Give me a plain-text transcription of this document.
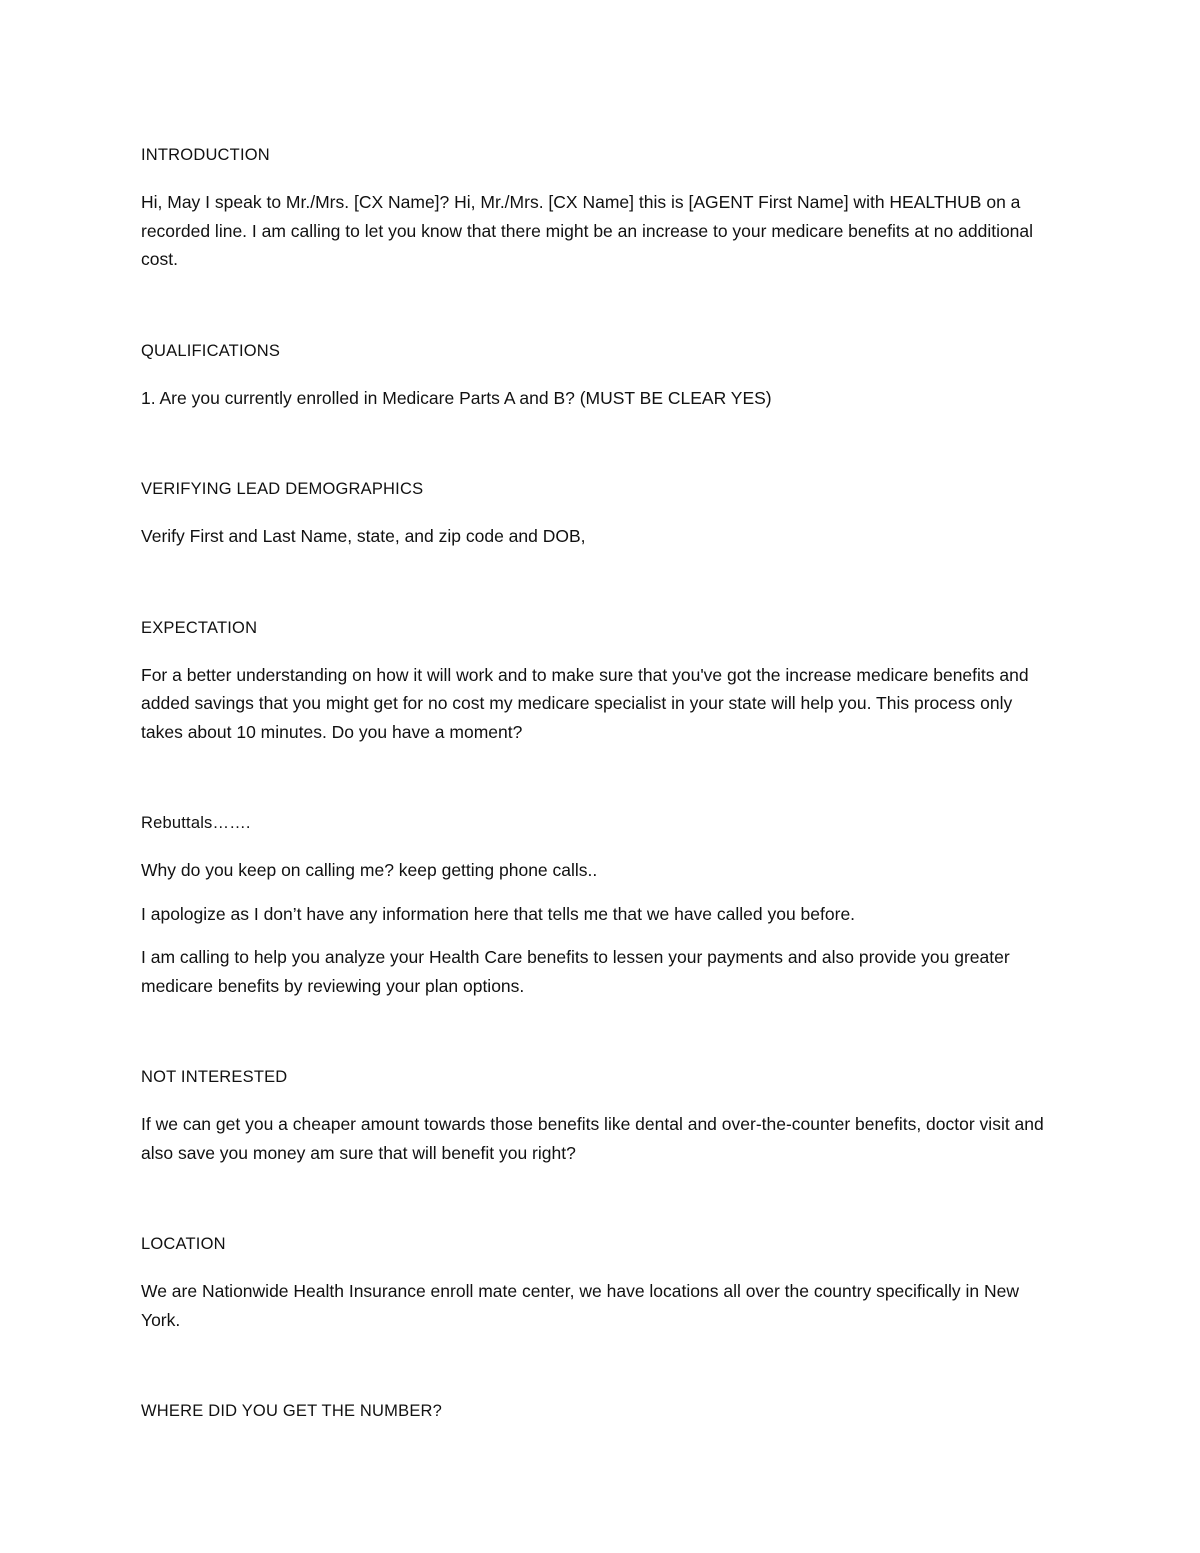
INTRODUCTION

Hi, May I speak to Mr./Mrs. [CX Name]? Hi, Mr./Mrs. [CX Name] this is [AGENT First Name] with HEALTHUB on a recorded line. I am calling to let you know that there might be an increase to your medicare benefits at no additional cost.

QUALIFICATIONS

1. Are you currently enrolled in Medicare Parts A and B? (MUST BE CLEAR YES)

VERIFYING LEAD DEMOGRAPHICS

Verify First and Last Name, state, and zip code and DOB,

EXPECTATION

For a better understanding on how it will work and to make sure that you've got the increase medicare benefits and added savings that you might get for no cost my medicare specialist in your state will help you. This process only takes about 10 minutes. Do you have a moment?

Rebuttals…….

Why do you keep on calling me? keep getting phone calls..

I apologize as I don’t have any information here that tells me that we have called you before.

I am calling to help you analyze your Health Care benefits to lessen your payments and also provide you greater medicare benefits by reviewing your plan options.

NOT INTERESTED

If we can get you a cheaper amount towards those benefits like dental and over-the-counter benefits, doctor visit and also save you money am sure that will benefit you right?

LOCATION

We are Nationwide Health Insurance enroll mate center, we have locations all over the country specifically in New York.

WHERE DID YOU GET THE NUMBER?
